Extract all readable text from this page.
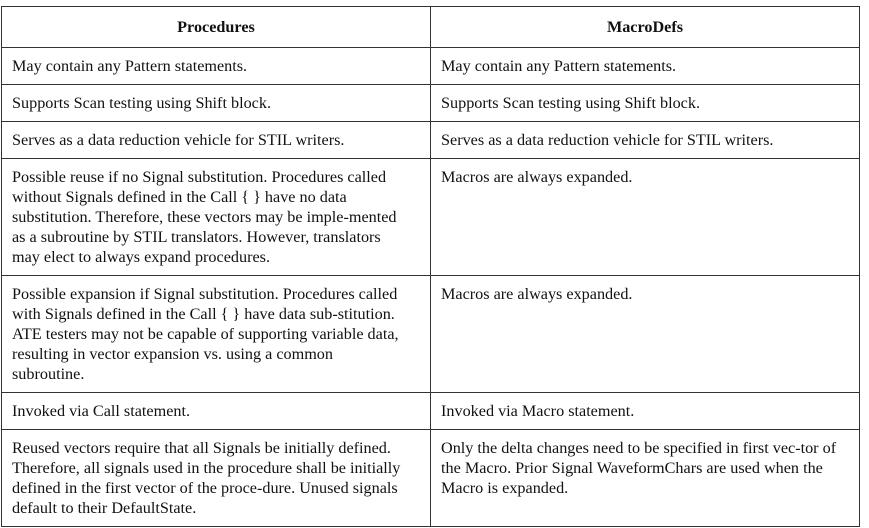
Procedures	MacroDefs

May contain any Pattern statements.	May contain any Pattern statements.

Supports Scan testing using Shift block.	Supports Scan testing using Shift block.

Serves as a data reduction vehicle for STIL writers.	Serves as a data reduction vehicle for STIL writers.

Possible reuse if no Signal substitution. Procedures called without Signals defined in the Call { } have no data substitution. Therefore, these vectors may be imple-mented as a subroutine by STIL translators. However, translators may elect to always expand procedures.	Macros are always expanded.

Possible expansion if Signal substitution. Procedures called with Signals defined in the Call { } have data sub-stitution. ATE testers may not be capable of supporting variable data, resulting in vector expansion vs. using a common subroutine.	Macros are always expanded.

Invoked via Call statement.	Invoked via Macro statement.

Reused vectors require that all Signals be initially defined. Therefore, all signals used in the procedure shall be initially defined in the first vector of the proce-dure. Unused signals default to their DefaultState.	Only the delta changes need to be specified in first vec-tor of the Macro. Prior Signal WaveformChars are used when the Macro is expanded.
